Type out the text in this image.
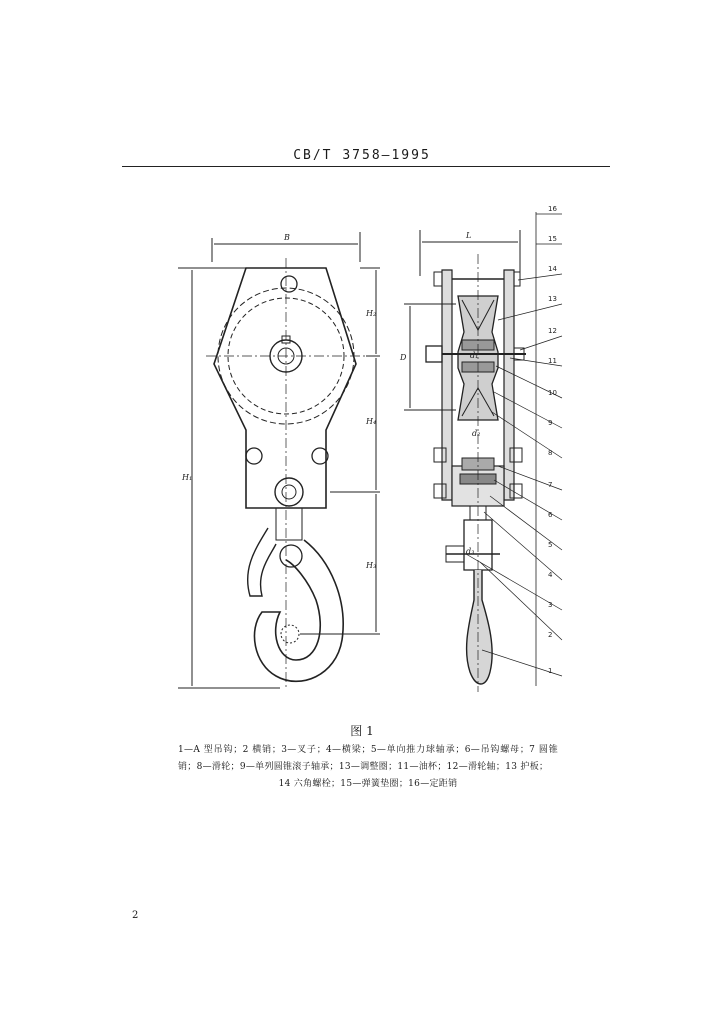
CB/T 3758—1995
B
H₁
H₂
H₄
H₃
L
d₁
D
d₂
d₃
16
15
14
13
12
11
10
9
8
7
6
5
4
3
2
1
图 1
1—A 型吊钩；2 横销；3—叉子；4—横梁；5—单向推力球轴承；6—吊钩螺母；7 圆锥 销；8—滑轮；9—单列圆锥滚子轴承；13—调整圈；11—油杯；12—滑轮轴；13 护板；
14 六角螺栓；15—弹簧垫圈；16—定距销
2
